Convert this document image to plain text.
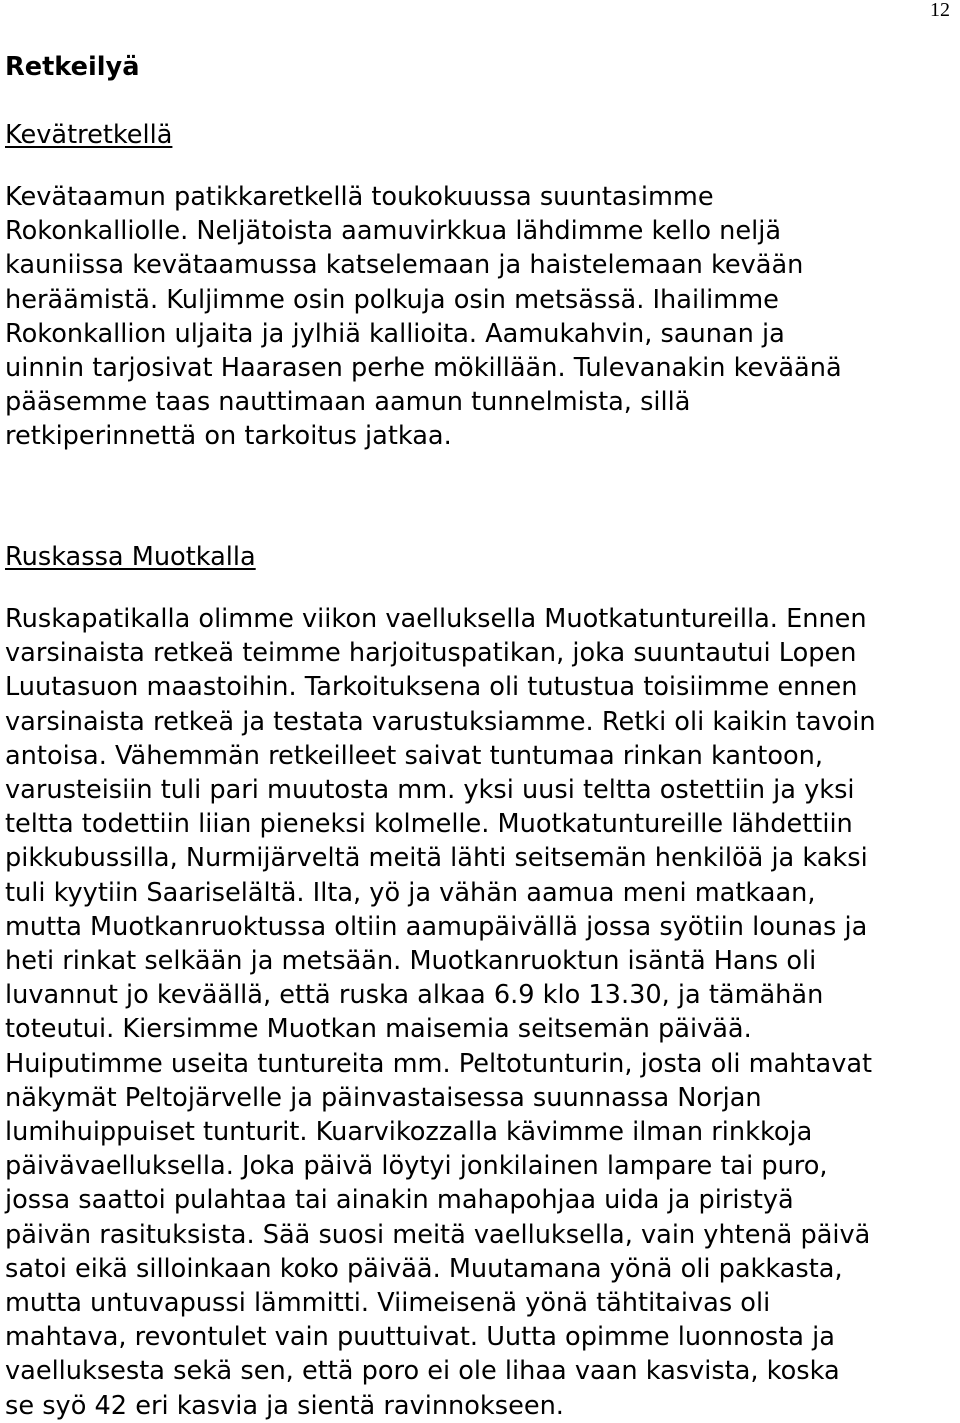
12
Retkeilyä
Kevätretkellä

Kevätaamun patikkaretkellä toukokuussa suuntasimme
Rokonkalliolle. Neljätoista aamuvirkkua lähdimme kello neljä
kauniissa kevätaamussa katselemaan ja haistelemaan kevään
heräämistä. Kuljimme osin polkuja osin metsässä. Ihailimme
Rokonkallion uljaita ja jylhiä kallioita. Aamukahvin, saunan ja
uinnin tarjosivat Haarasen perhe mökillään. Tulevanakin keväänä
pääsemme taas nauttimaan aamun tunnelmista, sillä
retkiperinnettä on tarkoitus jatkaa.

Ruskassa Muotkalla

Ruskapatikalla olimme viikon vaelluksella Muotkatuntureilla. Ennen
varsinaista retkeä teimme harjoituspatikan, joka suuntautui Lopen
Luutasuon maastoihin. Tarkoituksena oli tutustua toisiimme ennen
varsinaista retkeä ja testata varustuksiamme. Retki oli kaikin tavoin
antoisa. Vähemmän retkeilleet saivat tuntumaa rinkan kantoon,
varusteisiin tuli pari muutosta mm. yksi uusi teltta ostettiin ja yksi
teltta todettiin liian pieneksi kolmelle. Muotkatuntureille lähdettiin
pikkubussilla, Nurmijärveltä meitä lähti seitsemän henkilöä ja kaksi
tuli kyytiin Saariselältä. Ilta, yö ja vähän aamua meni matkaan,
mutta Muotkanruoktussa oltiin aamupäivällä jossa syötiin lounas ja
heti rinkat selkään ja metsään. Muotkanruoktun isäntä Hans oli
luvannut jo keväällä, että ruska alkaa 6.9 klo 13.30, ja tämähän
toteutui. Kiersimme Muotkan maisemia seitsemän päivää.
Huiputimme useita tuntureita mm. Peltotunturin, josta oli mahtavat
näkymät Peltojärvelle ja päinvastaisessa suunnassa Norjan
lumihuippuiset tunturit. Kuarvikozzalla kävimme ilman rinkkoja
päivävaelluksella. Joka päivä löytyi jonkilainen lampare tai puro,
jossa saattoi pulahtaa tai ainakin mahapohjaa uida ja piristyä
päivän rasituksista. Sää suosi meitä vaelluksella, vain yhtenä päivä
satoi eikä silloinkaan koko päivää. Muutamana yönä oli pakkasta,
mutta untuvapussi lämmitti. Viimeisenä yönä tähtitaivas oli
mahtava, revontulet vain puuttuivat. Uutta opimme luonnosta ja
vaelluksesta sekä sen, että poro ei ole lihaa vaan kasvista, koska
se syö 42 eri kasvia ja sientä ravinnokseen.
